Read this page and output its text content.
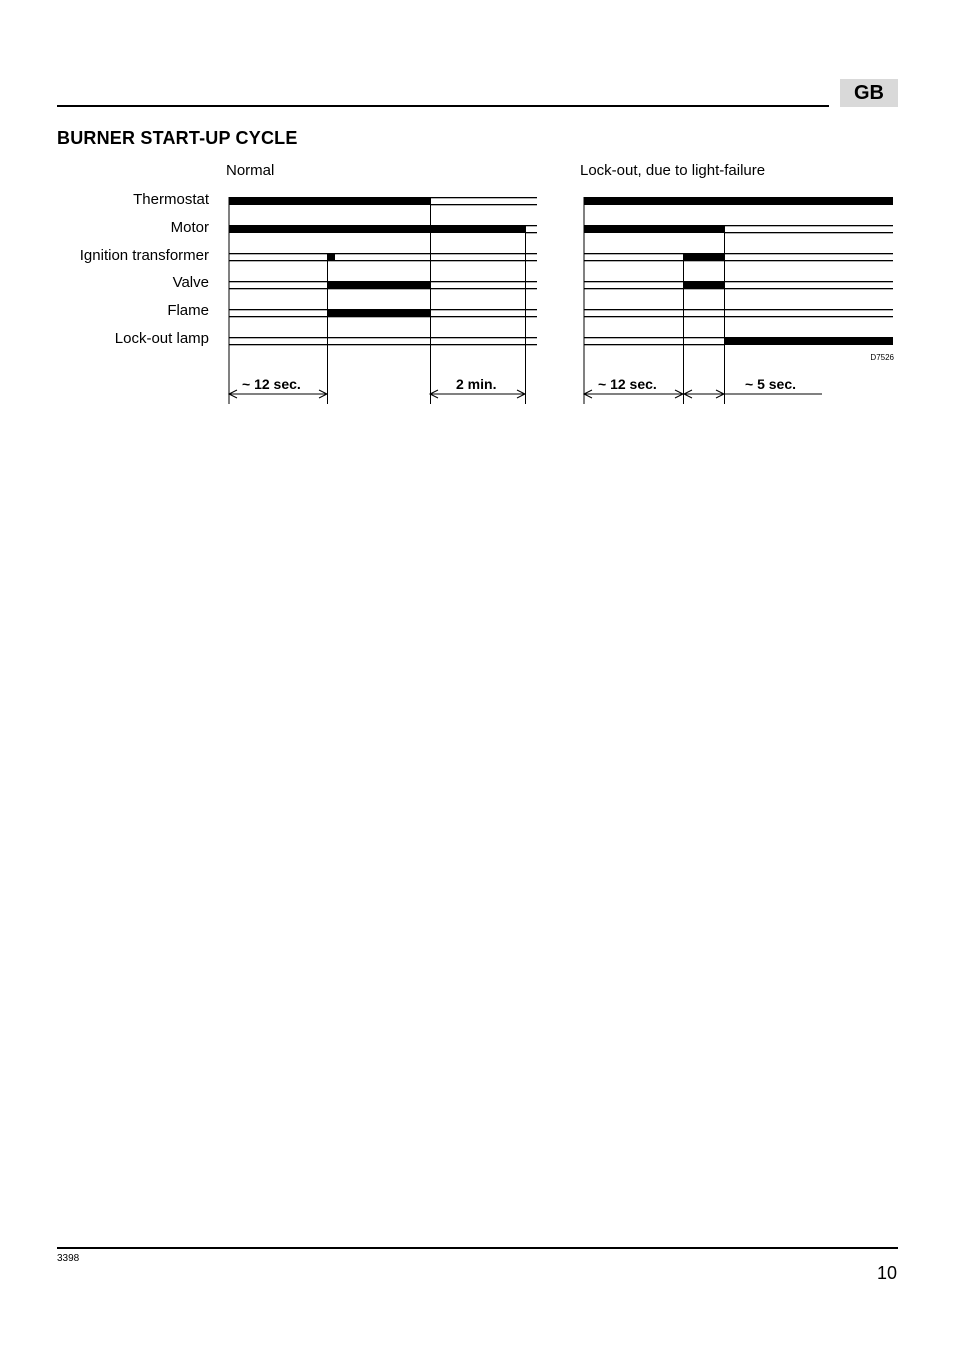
GB
BURNER START-UP CYCLE
Normal	Lock-out, due to light-failure
Thermostat
Motor
Ignition transformer
Valve
Flame
Lock-out lamp
~ 12 sec.	2 min.	~ 12 sec.	~ 5 sec.
D7526
3398
10
